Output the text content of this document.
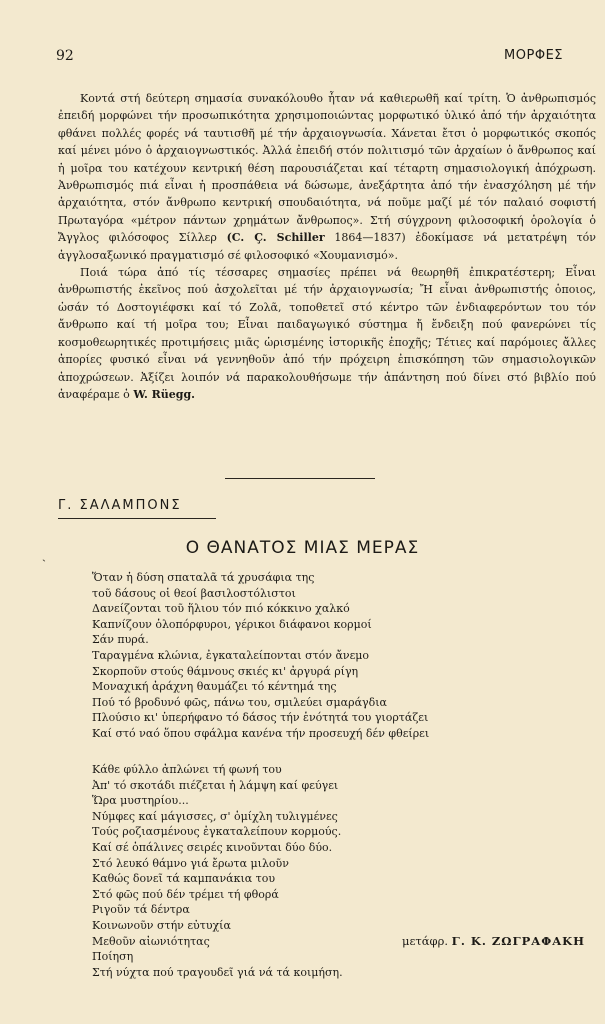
92	ΜΟΡΦΕΣ

Κοντά στή δεύτερη σημασία συνακόλουθο ἦταν νά καθιερωθῆ καί τρίτη. Ὁ ἀνθρωπισμός ἐπειδή μορφώνει τήν προσωπικότητα χρησιμοποιώντας μορφωτικό ὑλικό ἀπό τήν ἀρχαιότητα φθάνει πολλές φορές νά ταυτισθῆ μέ τήν ἀρχαιογνωσία. Χάνεται ἔτσι ὁ μορφωτικός σκοπός καί μένει μόνο ὁ ἀρχαιογνωστικός. Ἀλλά ἐπειδή στόν πολιτισμό τῶν ἀρχαίων ὁ ἄνθρωπος καί ἡ μοῖρα του κατέχουν κεντρική θέση παρουσιάζεται καί τέταρτη σημασιολογική ἀπόχρωση. Ἀνθρωπισμός πιά εἶναι ἡ προσπάθεια νά δώσωμε, ἀνεξάρτητα ἀπό τήν ἐνασχόληση μέ τήν ἀρχαιότητα, στόν ἄνθρωπο κεντρική σπουδαιότητα, νά ποῦμε μαζί μέ τόν παλαιό σοφιστή Πρωταγόρα «μέτρον πάντων χρημάτων ἄνθρωπος». Στή σύγχρονη φιλοσοφική ὁρολογία ὁ Ἄγγλος φιλόσοφος Σίλλερ (C. Ç. Schiller 1864—1837) ἐδοκίμασε νά μετατρέψη τόν ἀγγλοσαξωνικό πραγματισμό σέ φιλοσοφικό «Χουμανισμό».

Ποιά τώρα ἀπό τίς τέσσαρες σημασίες πρέπει νά θεωρηθῆ ἐπικρατέστερη; Εἶναι ἀνθρωπιστής ἐκεῖνος πού ἀσχολεῖται μέ τήν ἀρχαιογνωσία; Ἤ εἶναι ἀνθρωπιστής ὁποιος, ὡσάν τό Δοστογιέφσκι καί τό Ζολᾶ, τοποθετεῖ στό κέντρο τῶν ἐνδιαφερόντων του τόν ἄνθρωπο καί τή μοῖρα του; Εἶναι παιδαγωγικό σύστημα ἤ ἔνδειξη πού φανερώνει τίς κοσμοθεωρητικές προτιμήσεις μιᾶς ὡρισμένης ἱστορικῆς ἐποχῆς; Τέτιες καί παρόμοιες ἄλλες ἀπορίες φυσικό εἶναι νά γεννηθοῦν ἀπό τήν πρόχειρη ἐπισκόπηση τῶν σημασιολογικῶν ἀποχρώσεων. Ἀξίζει λοιπόν νά παρακολουθήσωμε τήν ἀπάντηση πού δίνει στό βιβλίο πού ἀναφέραμε ὁ W. Rüegg.

Γ. ΣΑΛΑΜΠΟΝΣ
ˎ	Ο ΘΑΝΑΤΟΣ ΜΙΑΣ ΜΕΡΑΣ
Ὅταν ἡ δύση σπαταλᾶ τά χρυσάφια της
τοῦ δάσους οἱ θεοί βασιλοστόλιστοι
Δανείζονται τοῦ ἥλιου τόν πιό κόκκινο χαλκό
Καπνίζουν ὁλοπόρφυροι, γέρικοι διάφανοι κορμοί
Σάν πυρά.
Ταραγμένα κλώνια, ἐγκαταλείπονται στόν ἄνεμο
Σκορποῦν στούς θάμνους σκιές κι' ἀργυρά ρίγη
Μοναχική ἀράχνη θαυμάζει τό κέντημά της
Πού τό βροδυνό φῶς, πάνω του, σμιλεύει σμαράγδια
Πλούσιο κι' ὑπερήφανο τό δάσος τήν ἑνότητά του γιορτάζει
Καί στό ναό ὅπου σφάλμα κανένα τήν προσευχή δέν φθείρει
Κάθε φύλλο ἀπλώνει τή φωνή του
Ἀπ' τό σκοτάδι πιέζεται ἡ λάμψη καί φεύγει
Ὥρα μυστηρίου...
Νύμφες καί μάγισσες, σ' ὁμίχλη τυλιγμένες
Τούς ροζιασμένους ἐγκαταλείπουν κορμούς.
Καί σέ ὁπάλινες σειρές κινοῦνται δύο δύο.
Στό λευκό θάμνο γιά ἔρωτα μιλοῦν
Καθώς δονεῖ τά καμπανάκια του
Στό φῶς πού δέν τρέμει τή φθορά
Ριγοῦν τά δέντρα
Κοινωνοῦν στήν εὐτυχία
Μεθοῦν αἰωνιότητας
Ποίηση
Στή νύχτα πού τραγουδεῖ γιά νά τά κοιμήση.
μετάφρ. Γ. Κ. ΖΩΓΡΑΦΑΚΗ
